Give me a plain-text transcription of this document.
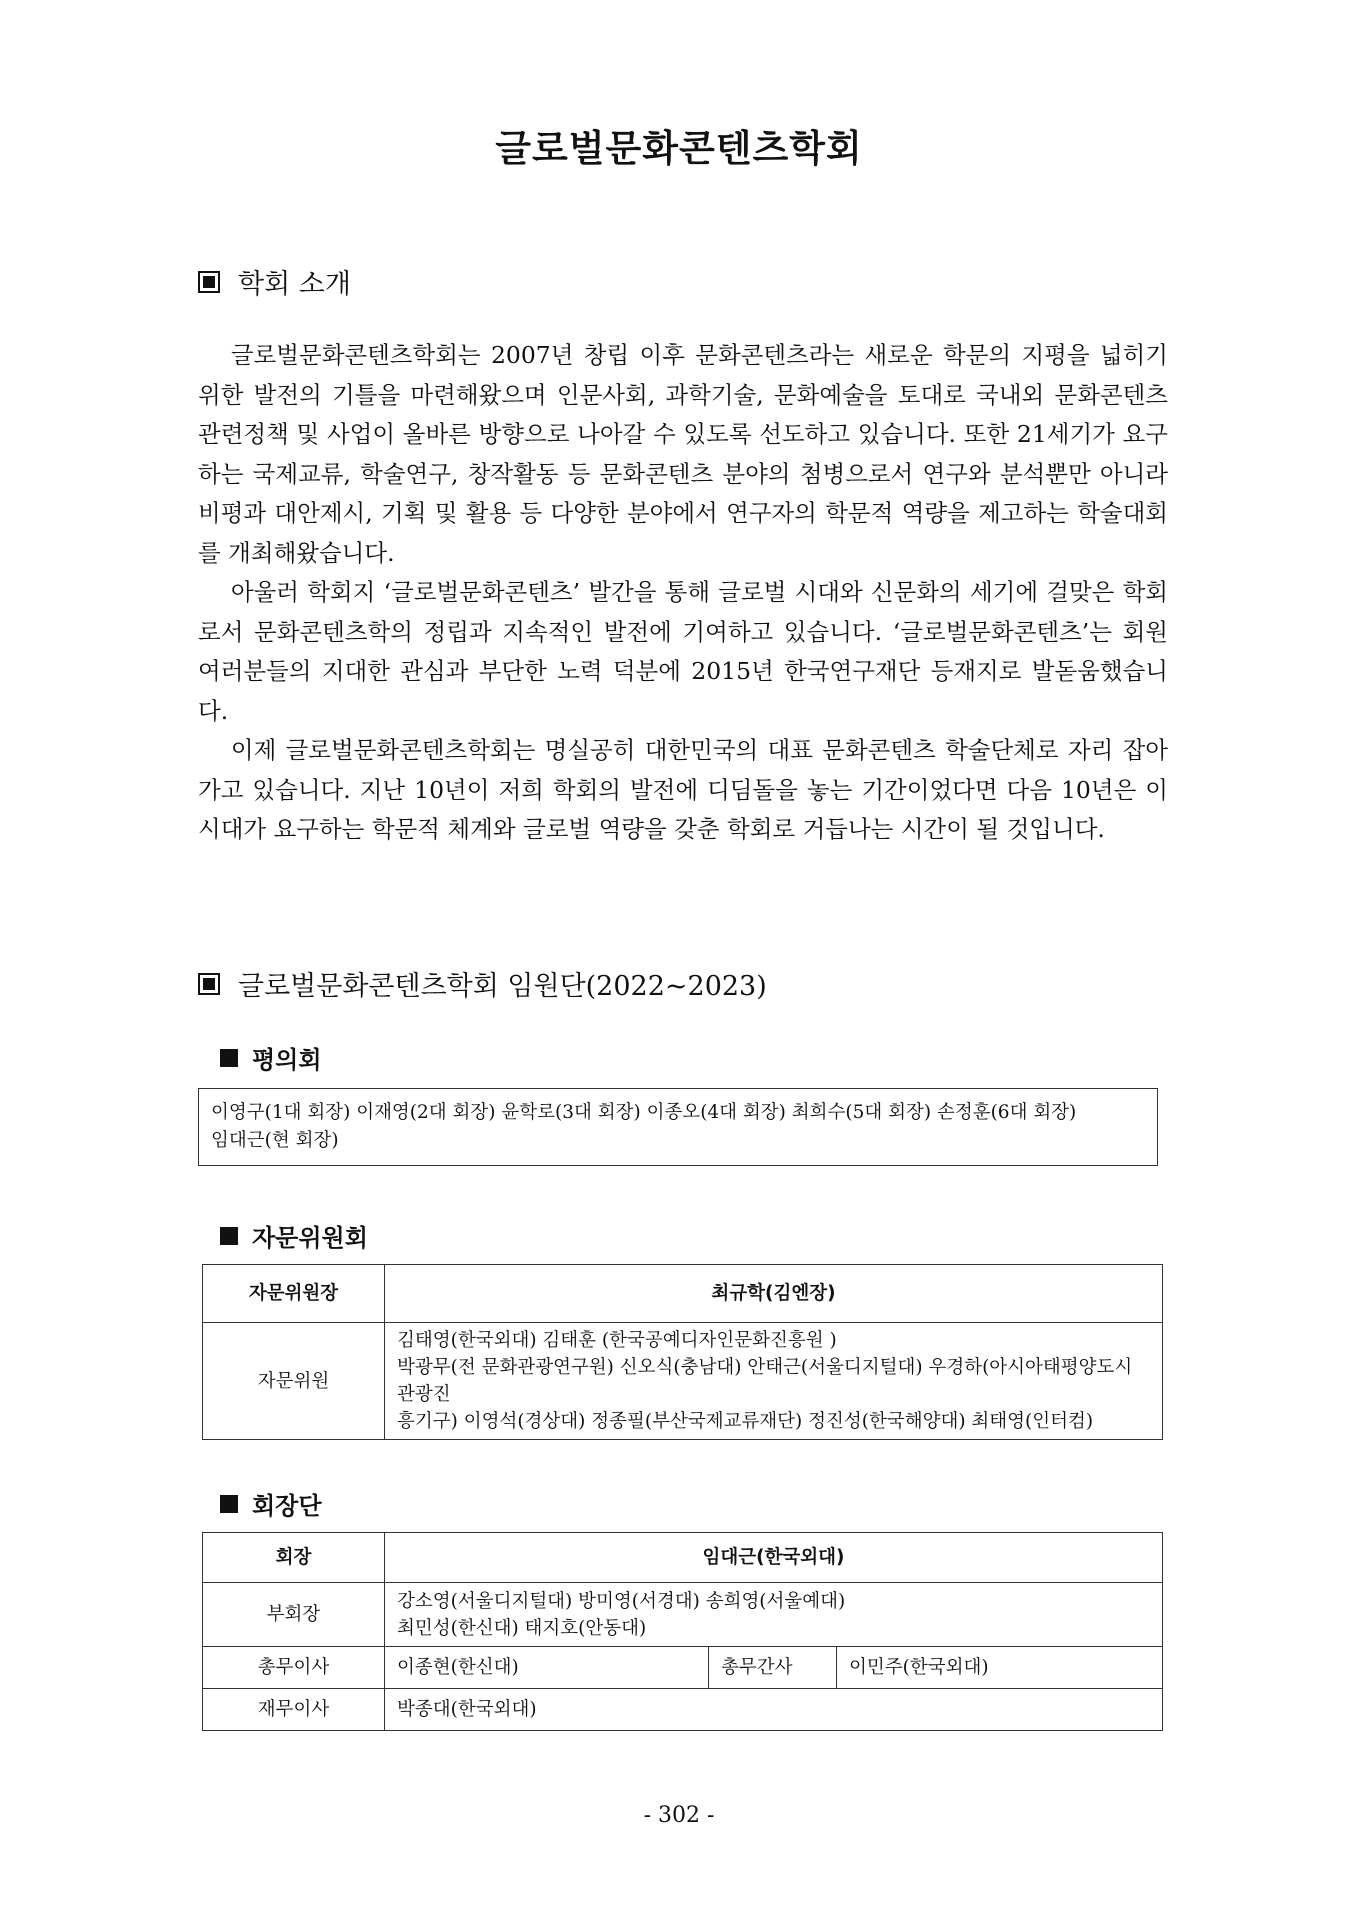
글로벌문화콘텐츠학회
학회 소개

글로벌문화콘텐츠학회는 2007년 창립 이후 문화콘텐츠라는 새로운 학문의 지평을 넓히기 위한 발전의 기틀을 마련해왔으며 인문사회, 과학기술, 문화예술을 토대로 국내외 문화콘텐츠 관련정책 및 사업이 올바른 방향으로 나아갈 수 있도록 선도하고 있습니다. 또한 21세기가 요구하는 국제교류, 학술연구, 창작활동 등 문화콘텐츠 분야의 첨병으로서 연구와 분석뿐만 아니라 비평과 대안제시, 기획 및 활용 등 다양한 분야에서 연구자의 학문적 역량을 제고하는 학술대회를 개최해왔습니다.

아울러 학회지 ‘글로벌문화콘텐츠’ 발간을 통해 글로벌 시대와 신문화의 세기에 걸맞은 학회로서 문화콘텐츠학의 정립과 지속적인 발전에 기여하고 있습니다. ‘글로벌문화콘텐츠’는 회원 여러분들의 지대한 관심과 부단한 노력 덕분에 2015년 한국연구재단 등재지로 발돋움했습니다.

이제 글로벌문화콘텐츠학회는 명실공히 대한민국의 대표 문화콘텐츠 학술단체로 자리 잡아 가고 있습니다. 지난 10년이 저희 학회의 발전에 디딤돌을 놓는 기간이었다면 다음 10년은 이 시대가 요구하는 학문적 체계와 글로벌 역량을 갖춘 학회로 거듭나는 시간이 될 것입니다.

글로벌문화콘텐츠학회 임원단(2022~2023)
평의회
이영구(1대 회장) 이재영(2대 회장) 윤학로(3대 회장) 이종오(4대 회장) 최희수(5대 회장) 손정훈(6대 회장)
임대근(현 회장)
자문위원회
자문위원장	최규학(김엔장)
자문위원	김태영(한국외대) 김태훈 (한국공예디자인문화진흥원 )
박광무(전 문화관광연구원) 신오식(충남대) 안태근(서울디지털대) 우경하(아시아태평양도시관광진
흥기구) 이영석(경상대) 정종필(부산국제교류재단) 정진성(한국해양대) 최태영(인터컴)
회장단
회장	임대근(한국외대)		
부회장	강소영(서울디지털대) 방미영(서경대) 송희영(서울예대)
최민성(한신대) 태지호(안동대)		

총무이사	이종현(한신대)	총무간사	이민주(한국외대)
재무이사	박종대(한국외대)		
- 302 -
